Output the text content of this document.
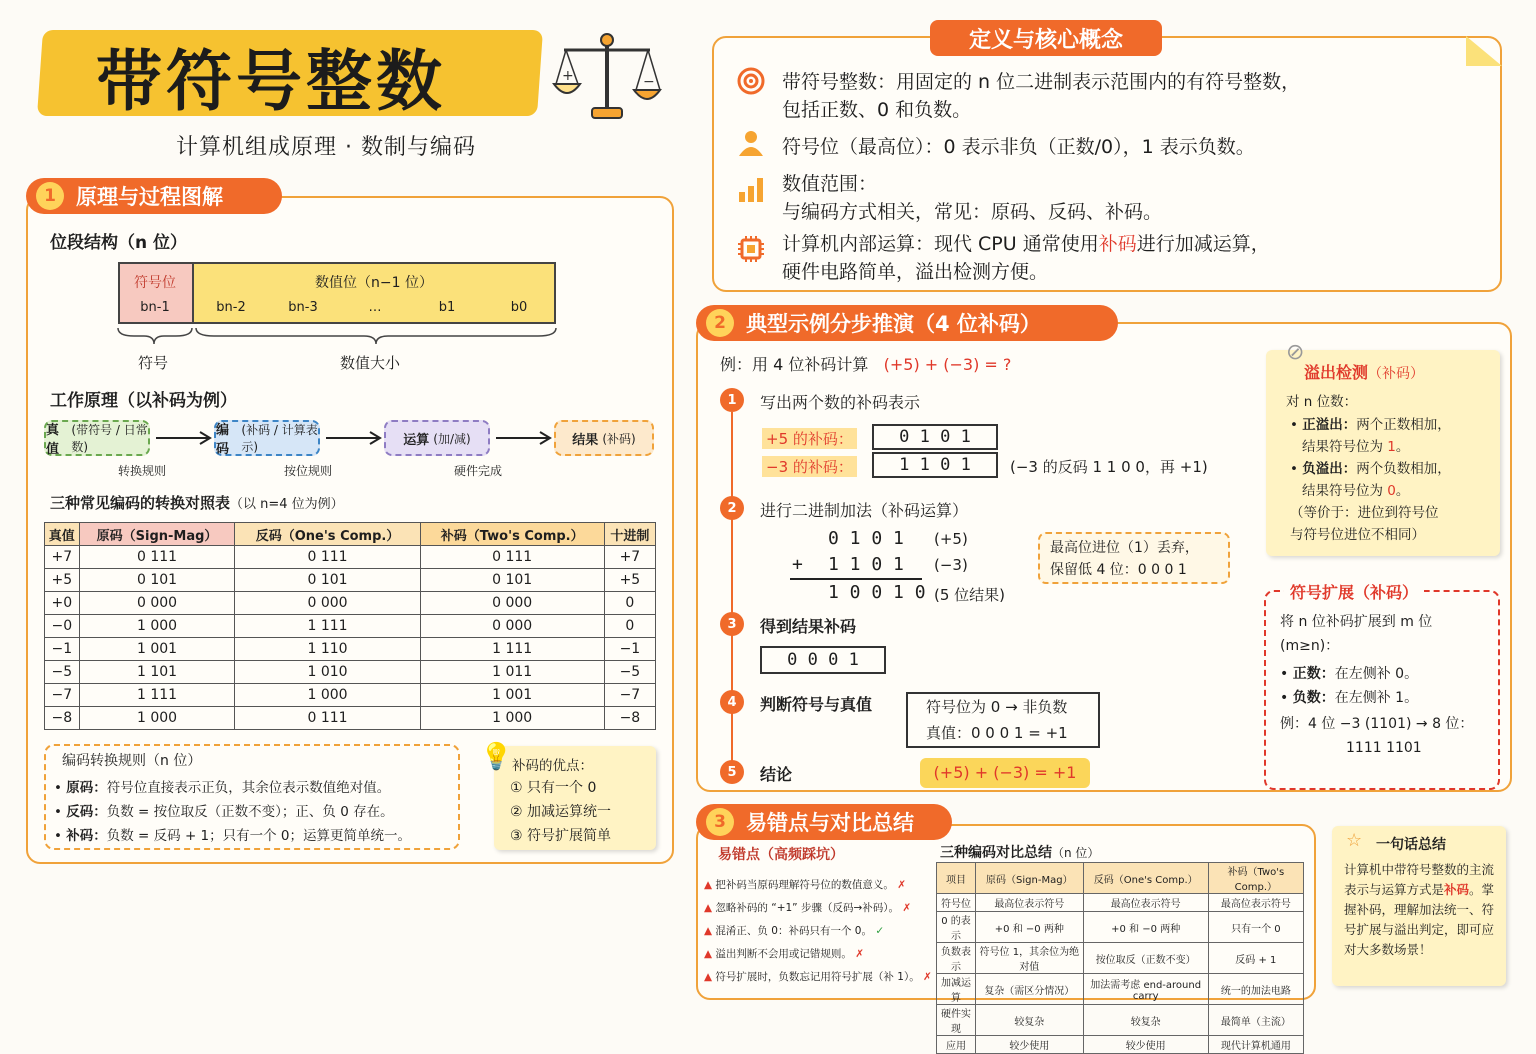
带符号整数
计算机组成原理 · 数制与编码
+	−
定义与核心概念
带符号整数：用固定的 n 位二进制表示范围内的有符号整数，
包括正数、0 和负数。
符号位（最高位）：0 表示非负（正数/0），1 表示负数。
数值范围：
与编码方式相关，常见：原码、反码、补码。
计算机内部运算：现代 CPU 通常使用补码进行加减运算，
硬件电路简单，溢出检测方便。
1 原理与过程图解
位段结构（n 位）
符号位	数值位（n−1 位）
bn-1	bn-2	bn-3	…	b1	b0
符号	数值大小
工作原理（以补码为例）
真值
(带符号 / 日常数)
编码
(补码 / 计算表示)	运算 (加/减)	结果 (补码)
转换规则	按位规则	硬件完成
三种常见编码的转换对照表（以 n=4 位为例）
真值	原码（Sign-Mag）	反码（One's Comp.）	补码（Two's Comp.）	十进制
+7	0 111	0 111	0 111	+7
+5	0 101	0 101	0 101	+5
+0	0 000	0 000	0 000	0
−0	1 000	1 111	0 000	0
−1	1 001	1 110	1 111	−1
−5	1 101	1 010	1 011	−5
−7	1 111	1 000	1 001	−7
−8	1 000	0 111	1 000	−8
编码转换规则（n 位）
• 原码：符号位直接表示正负，其余位表示数值绝对值。
• 反码：负数 = 按位取反（正数不变）；正、负 0 存在。
• 补码：负数 = 反码 + 1；只有一个 0；运算更简单统一。
💡 补码的优点：
① 只有一个 0
② 加减运算统一
③ 符号扩展简单
2 典型示例分步推演（4 位补码）
例：用 4 位补码计算 (+5) + (−3) = ?
1	写出两个数的补码表示
2	进行二进制加法（补码运算）
3	得到结果补码
4	判断符号与真值
5	结论
+5 的补码：	0 1 0 1
−3 的补码：	1 1 0 1	(−3 的反码 1 1 0 0，再 +1)
0 1 0 1 (+5)
+ 1 1 0 1 (−3)
1 0 0 1 0 (5 位结果)
最高位进位（1）丢弃，
保留低 4 位：0 0 0 1
0 0 0 1
符号位为 0 → 非负数
真值：0 0 0 1 = +1
(+5) + (−3) = +1
⊘
溢出检测（补码）
对 n 位数：
• 正溢出：两个正数相加，
结果符号位为 1。
• 负溢出：两个负数相加，
结果符号位为 0。
（等价于：进位到符号位
与符号位进位不相同）
符号扩展（补码）
将 n 位补码扩展到 m 位
(m≥n)：
• 正数：在左侧补 0。
• 负数：在左侧补 1。
例：4 位 −3 (1101) → 8 位：
1111 1101
3 易错点与对比总结
易错点（高频踩坑）
▲ 把补码当原码理解符号位的数值意义。 ✗
▲ 忽略补码的 “+1” 步骤（反码→补码）。 ✗
▲ 混淆正、负 0：补码只有一个 0。 ✓
▲ 溢出判断不会用或记错规则。 ✗
▲ 符号扩展时，负数忘记用符号扩展（补 1）。 ✗
三种编码对比总结（n 位）
项目	原码（Sign-Mag）	反码（One's Comp.）	补码（Two's Comp.）
符号位	最高位表示符号	最高位表示符号	最高位表示符号
0 的表示	+0 和 −0 两种	+0 和 −0 两种	只有一个 0
负数表示	符号位 1，其余位为绝对值	按位取反（正数不变）	反码 + 1
加减运算	复杂（需区分情况）	加法需考虑 end-around carry	统一的加法电路
硬件实现	较复杂	较复杂	最简单（主流）
应用	较少使用	较少使用	现代计算机通用
☆ 一句话总结
计算机中带符号整数的主流表示与运算方式是补码。掌握补码，理解加法统一、符号扩展与溢出判定，即可应对大多数场景！
